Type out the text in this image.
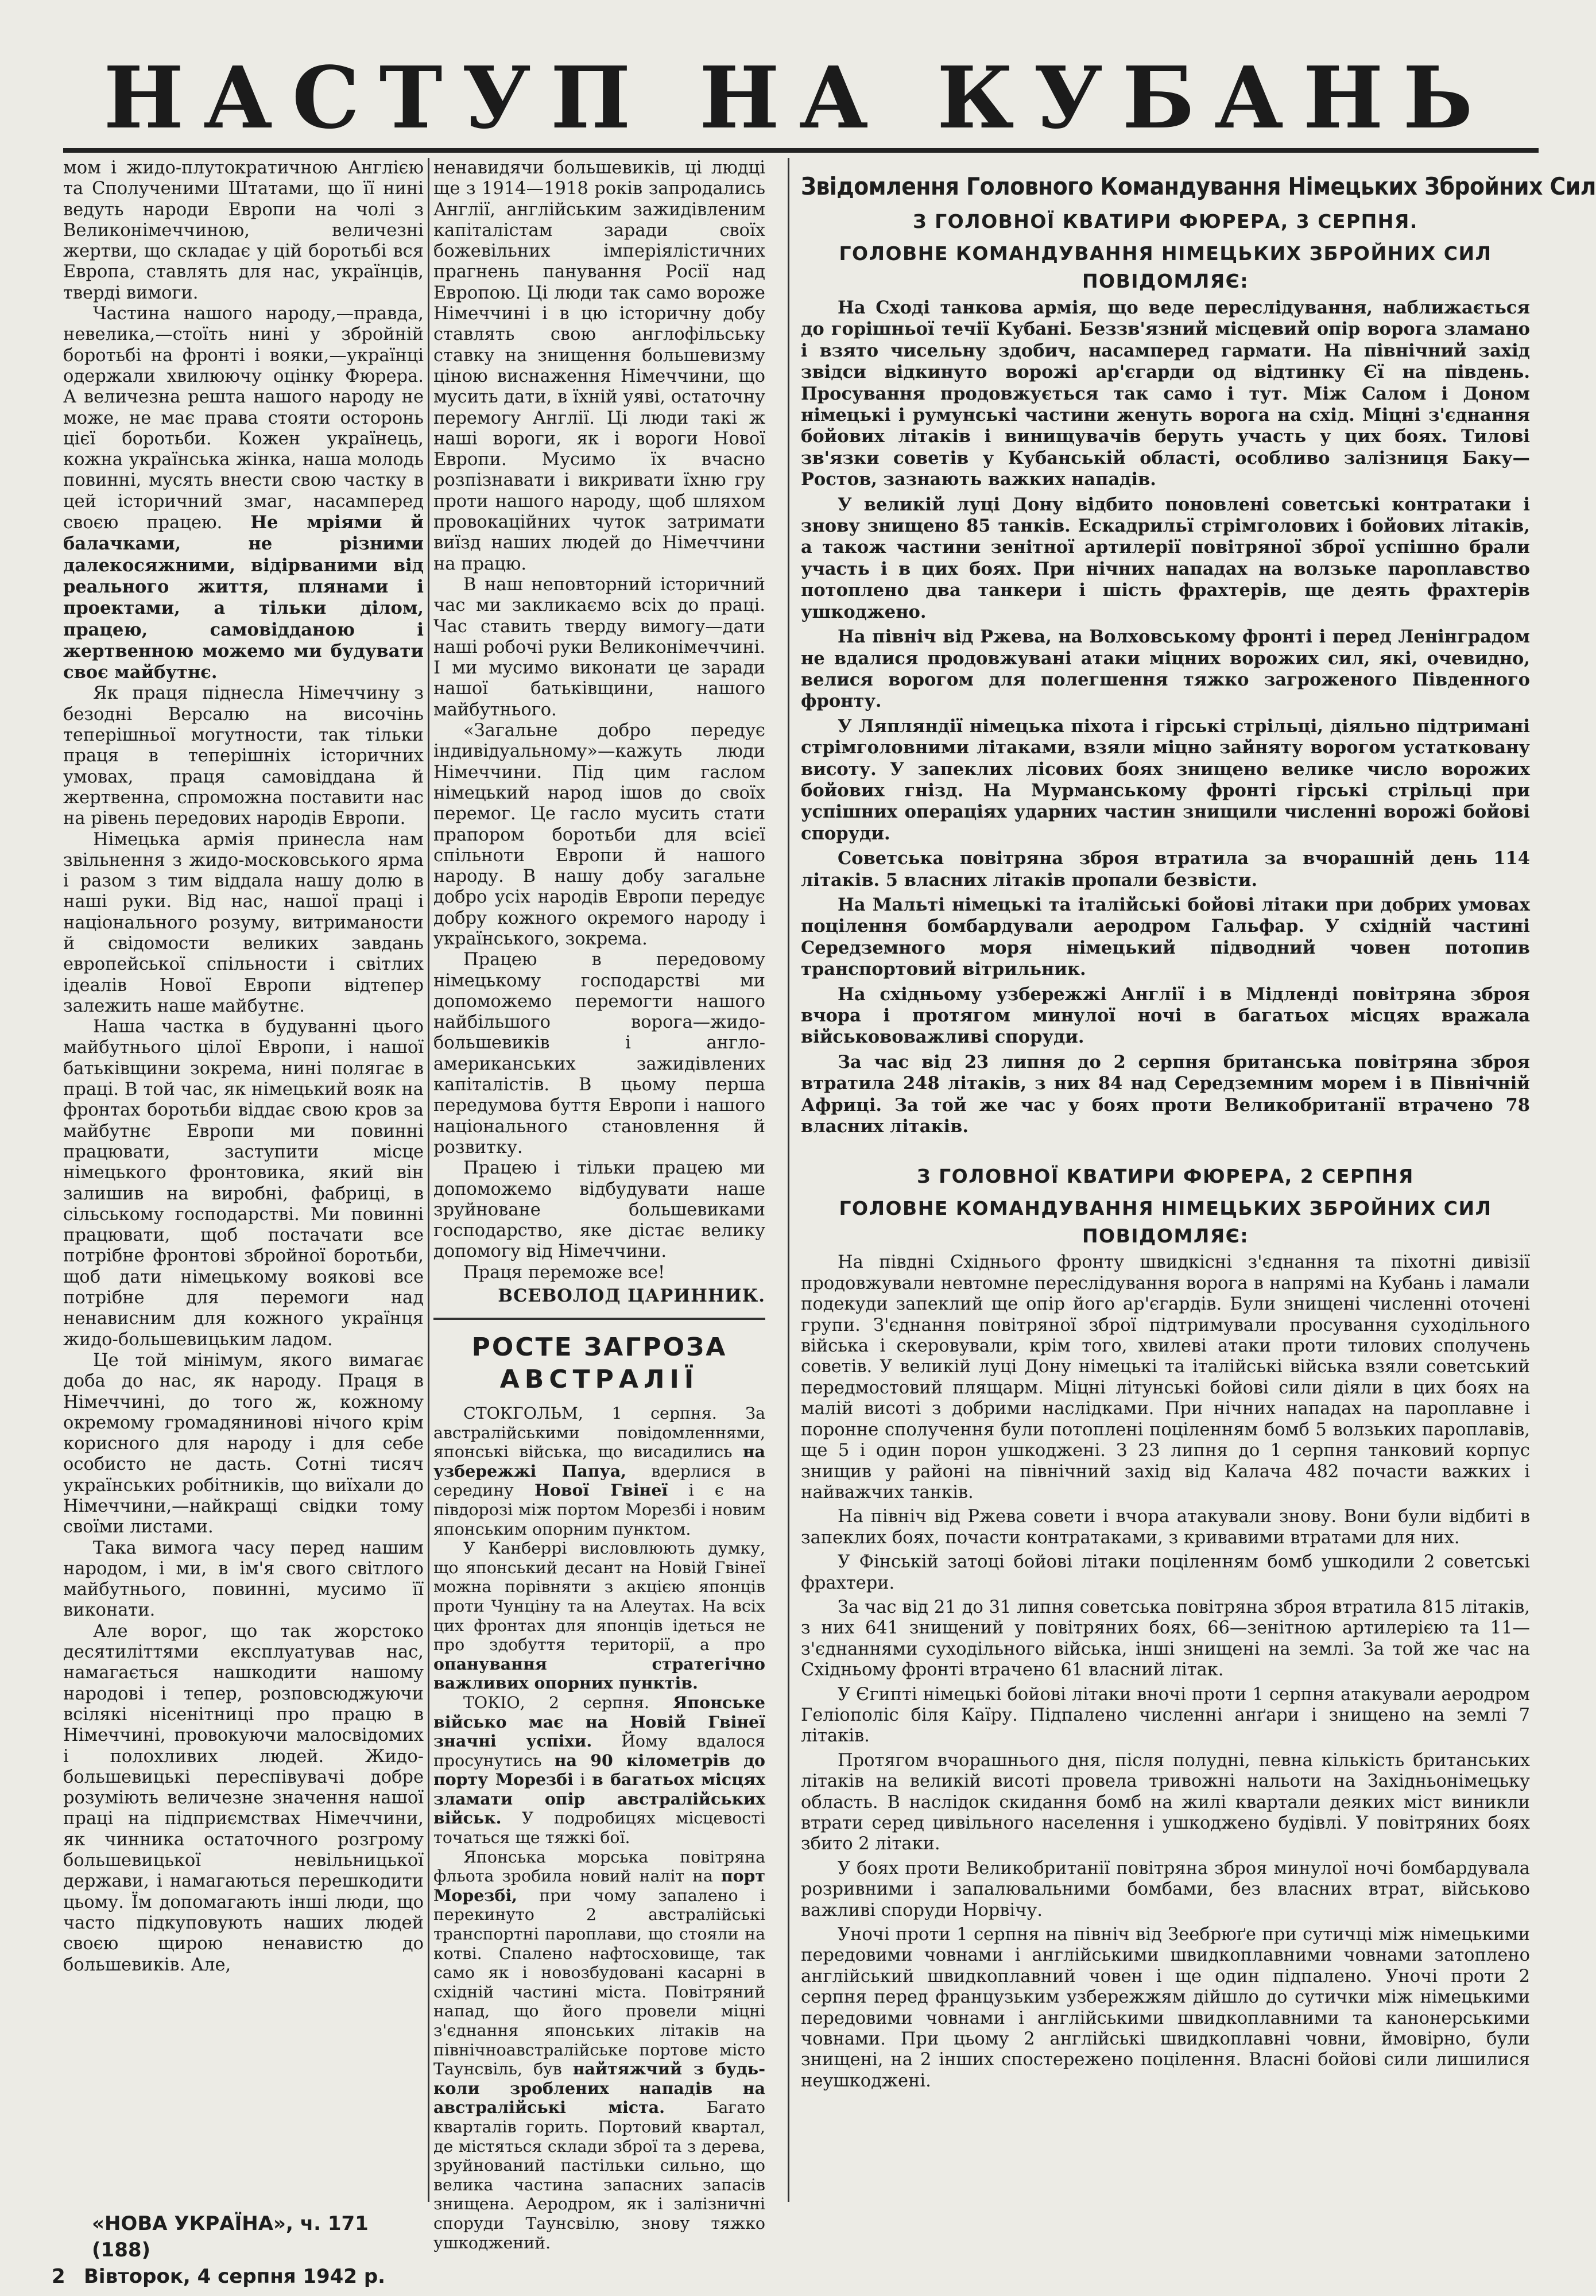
НАСТУП НА КУБАНЬ

мом і жидо-плутократичною Англією та Сполученими Штатами, що її нині ведуть народи Европи на чолі з Великонімеччиною, величезні жертви, що складає у цій боротьбі вся Европа, ставлять для нас, українців, тверді вимоги.

Частина нашого народу,—правда, невелика,—стоїть нині у збройній боротьбі на фронті і вояки,—українці одержали хвилюючу оцінку Фюрера. А величезна решта нашого народу не може, не має права стояти осторонь цієї боротьби. Кожен українець, кожна українська жінка, наша молодь повинні, мусять внести свою частку в цей історичний змаг, насамперед своєю працею. Не мріями й балачками, не різними далекосяжними, відірваними від реального життя, плянами і проектами, а тільки ділом, працею, самовідданою і жертвенною можемо ми будувати своє майбутнє.

Як праця піднесла Німеччину з безодні Версалю на височінь теперішньої могутности, так тільки праця в теперішніх історичних умовах, праця самовіддана й жертвенна, спроможна поставити нас на рівень передових народів Европи.

Німецька армія принесла нам звільнення з жидо-московського ярма і разом з тим віддала нашу долю в наші руки. Від нас, нашої праці і національного розуму, витриманости й свідомости великих завдань европейської спільности і світлих ідеалів Нової Европи відтепер залежить наше майбутнє.

Наша частка в будуванні цього майбутнього цілої Европи, і нашої батьківщини зокрема, нині полягає в праці. В той час, як німецький вояк на фронтах боротьби віддає свою кров за майбутнє Европи ми повинні працювати, заступити місце німецького фронтовика, який він залишив на виробні, фабриці, в сільському господарстві. Ми повинні працювати, щоб постачати все потрібне фронтові збройної боротьби, щоб дати німецькому воякові все потрібне для перемоги над ненависним для кожного українця жидо-большевицьким ладом.

Це той мінімум, якого вимагає доба до нас, як народу. Праця в Німеччині, до того ж, кожному окремому громадянинові нічого крім корисного для народу і для себе особисто не дасть. Сотні тисяч українських робітників, що виїхали до Німеччини,—найкращі свідки тому своїми листами.

Така вимога часу перед нашим народом, і ми, в ім'я свого світлого майбутнього, повинні, мусимо її виконати.

Але ворог, що так жорстоко десятиліттями експлуатував нас, намагається нашкодити нашому народові і тепер, розповсюджуючи всілякі нісенітниці про працю в Німеччині, провокуючи малосвідомих і полохливих людей. Жидо-большевицькі переспівувачі добре розуміють величезне значення нашої праці на підприємствах Німеччини, як чинника остаточного розгрому большевицької невільницької держави, і намагаються перешкодити цьому. Їм допомагають інші люди, що часто підкуповують наших людей своєю щирою ненавистю до большевиків. Але,

ненавидячи большевиків, ці людці ще з 1914—1918 років запродались Англії, англійським зажидівленим капіталістам заради своїх божевільних імперіялістичних прагнень панування Росії над Европою. Ці люди так само вороже Німеччині і в цю історичну добу ставлять свою англофільську ставку на знищення большевизму ціною виснаження Німеччини, що мусить дати, в їхній уяві, остаточну перемогу Англії. Ці люди такі ж наші вороги, як і вороги Нової Европи. Мусимо їх вчасно розпізнавати і викривати їхню гру проти нашого народу, щоб шляхом провокаційних чуток затримати виїзд наших людей до Німеччини на працю.

В наш неповторний історичний час ми закликаємо всіх до праці. Час ставить тверду вимогу—дати наші робочі руки Великонімеччині. І ми мусимо виконати це заради нашої батьківщини, нашого майбутнього.

«Загальне добро передує індивідуальному»—кажуть люди Німеччини. Під цим гаслом німецький народ ішов до своїх перемог. Це гасло мусить стати прапором боротьби для всієї спільноти Европи й нашого народу. В нашу добу загальне добро усіх народів Европи передує добру кожного окремого народу і українського, зокрема.

Працею в передовому німецькому господарстві ми допоможемо перемогти нашого найбільшого ворога—жидо-большевиків і англо-американських зажидівлених капіталістів. В цьому перша передумова буття Европи і нашого національного становлення й розвитку.

Працею і тільки працею ми допоможемо відбудувати наше зруйноване большевиками господарство, яке дістає велику допомогу від Німеччини.

Праця переможе все!

ВСЕВОЛОД ЦАРИННИК.
РОСТЕ ЗАГРОЗА
АВСТРАЛІЇ

СТОКГОЛЬМ, 1 серпня. За австралійськими повідомленнями, японські війська, що висадились на узбережжі Папуа, вдерлися в середину Нової Гвінеї і є на півдорозі між портом Морезбі і новим японським опорним пунктом.

У Канберрі висловлюють думку, що японський десант на Новій Гвінеї можна порівняти з акцією японців проти Чунціну та на Алеутах. На всіх цих фронтах для японців ідеться не про здобуття території, а про опанування стратегічно важливих опорних пунктів.

ТОКІО, 2 серпня. Японське військо має на Новій Гвінеї значні успіхи. Йому вдалося просунутись на 90 кілометрів до порту Морезбі і в багатьох місцях зламати опір австралійських військ. У подробицях місцевості точаться ще тяжкі бої.

Японська морська повітряна фльота зробила новий наліт на порт Морезбі, при чому запалено і перекинуто 2 австралійські транспортні пароплави, що стояли на котві. Спалено нафтосховище, так само як і новозбудовані касарні в східній частині міста. Повітряний напад, що його провели міцні з'єднання японських літаків на північноавстралійське портове місто Таунсвіль, був найтяжчий з будь-коли зроблених нападів на австралійські міста. Багато кварталів горить. Портовий квартал, де містяться склади зброї та з дерева, зруйнований пастільки сильно, що велика частина запасних запасів знищена. Аеродром, як і залізничні споруди Таунсвілю, знову тяжко ушкоджений.

Звідомлення Головного Командування Німецьких Збройних Сил
З ГОЛОВНОЇ КВАТИРИ ФЮРЕРА, 3 СЕРПНЯ.
ГОЛОВНЕ КОМАНДУВАННЯ НІМЕЦЬКИХ ЗБРОЙНИХ СИЛ
ПОВІДОМЛЯЄ:

На Сході танкова армія, що веде переслідування, наближається до горішньої течії Кубані. Беззв'язний місцевий опір ворога зламано і взято чисельну здобич, насамперед гармати. На північний захід звідси відкинуто ворожі ар'єгарди од відтинку Єї на південь. Просування продовжується так само і тут. Між Салом і Доном німецькі і румунські частини женуть ворога на схід. Міцні з'єднання бойових літаків і винищувачів беруть участь у цих боях. Тилові зв'язки советів у Кубанській області, особливо залізниця Баку—Ростов, зазнають важких нападів.

У великій луці Дону відбито поновлені советські контратаки і знову знищено 85 танків. Ескадрильї стрімголових і бойових літаків, а також частини зенітної артилерії повітряної зброї успішно брали участь і в цих боях. При нічних нападах на волзьке пароплавство потоплено два танкери і шість фрахтерів, ще деять фрахтерів ушкоджено.

На північ від Ржева, на Волховському фронті і перед Ленінградом не вдалися продовжувані атаки міцних ворожих сил, які, очевидно, велися ворогом для полегшення тяжко загроженого Південного фронту.

У Ляпляндії німецька піхота і гірські стрільці, діяльно підтримані стрімголовними літаками, взяли міцно зайняту ворогом устатковану висоту. У запеклих лісових боях знищено велике число ворожих бойових гнізд. На Мурманському фронті гірські стрільці при успішних операціях ударних частин знищили численні ворожі бойові споруди.

Советська повітряна зброя втратила за вчорашній день 114 літаків. 5 власних літаків пропали безвісти.

На Мальті німецькі та італійські бойові літаки при добрих умовах поцілення бомбардували аеродром Гальфар. У східній частині Середземного моря німецький підводний човен потопив транспортовий вітрильник.

На східньому узбережжі Англії і в Мідленді повітряна зброя вчора і протягом минулої ночі в багатьох місцях вражала військововажливі споруди.

За час від 23 липня до 2 серпня британська повітряна зброя втратила 248 літаків, з них 84 над Середземним морем і в Північній Африці. За той же час у боях проти Великобританії втрачено 78 власних літаків.

З ГОЛОВНОЇ КВАТИРИ ФЮРЕРА, 2 СЕРПНЯ
ГОЛОВНЕ КОМАНДУВАННЯ НІМЕЦЬКИХ ЗБРОЙНИХ СИЛ
ПОВІДОМЛЯЄ:

На півдні Східнього фронту швидкісні з'єднання та піхотні дивізії продовжували невтомне переслідування ворога в напрямі на Кубань і ламали подекуди запеклий ще опір його ар'єгардів. Були знищені численні оточені групи. З'єднання повітряної зброї підтримували просування суходільного війська і скеровували, крім того, хвилеві атаки проти тилових сполучень советів. У великій луці Дону німецькі та італійські війська взяли советський передмостовий плящарм. Міцні літунські бойові сили діяли в цих боях на малій висоті з добрими наслідками. При нічних нападах на пароплавне і поронне сполучення були потоплені поціленням бомб 5 волзьких пароплавів, ще 5 і один порон ушкоджені. З 23 липня до 1 серпня танковий корпус знищив у районі на північний захід від Калача 482 почасти важких і найважчих танків.

На північ від Ржева совети і вчора атакували знову. Вони були відбиті в запеклих боях, почасти контратаками, з кривавими втратами для них.

У Фінській затоці бойові літаки поціленням бомб ушкодили 2 советські фрахтери.

За час від 21 до 31 липня советська повітряна зброя втратила 815 літаків, з них 641 знищений у повітряних боях, 66—зенітною артилерією та 11—з'єднаннями суходільного війська, інші знищені на землі. За той же час на Східньому фронті втрачено 61 власний літак.

У Єгипті німецькі бойові літаки вночі проти 1 серпня атакували аеродром Геліополіс біля Каїру. Підпалено численні анґари і знищено на землі 7 літаків.

Протягом вчорашнього дня, після полудні, певна кількість британських літаків на великій висоті провела тривожні нальоти на Західньонімецьку область. В наслідок скидання бомб на жилі квартали деяких міст виникли втрати серед цивільного населення і ушкоджено будівлі. У повітряних боях збито 2 літаки.

У боях проти Великобританії повітряна зброя минулої ночі бомбардувала розривними і запалювальними бомбами, без власних втрат, військово важливі споруди Норвічу.

Уночі проти 1 серпня на північ від Зеебрюґе при сутичці між німецькими передовими човнами і англійськими швидкоплавними човнами затоплено англійський швидкоплавний човен і ще один підпалено. Уночі проти 2 серпня перед французьким узбережжям дійшло до сутички між німецькими передовими човнами і англійськими швидкоплавними та канонерськими човнами. При цьому 2 англійські швидкоплавні човни, ймовірно, були знищені, на 2 інших спостережено поцілення. Власні бойові сили лишилися неушкоджені.

«НОВА УКРАЇНА», ч. 171 (188)
2 Вівторок, 4 серпня 1942 р.
